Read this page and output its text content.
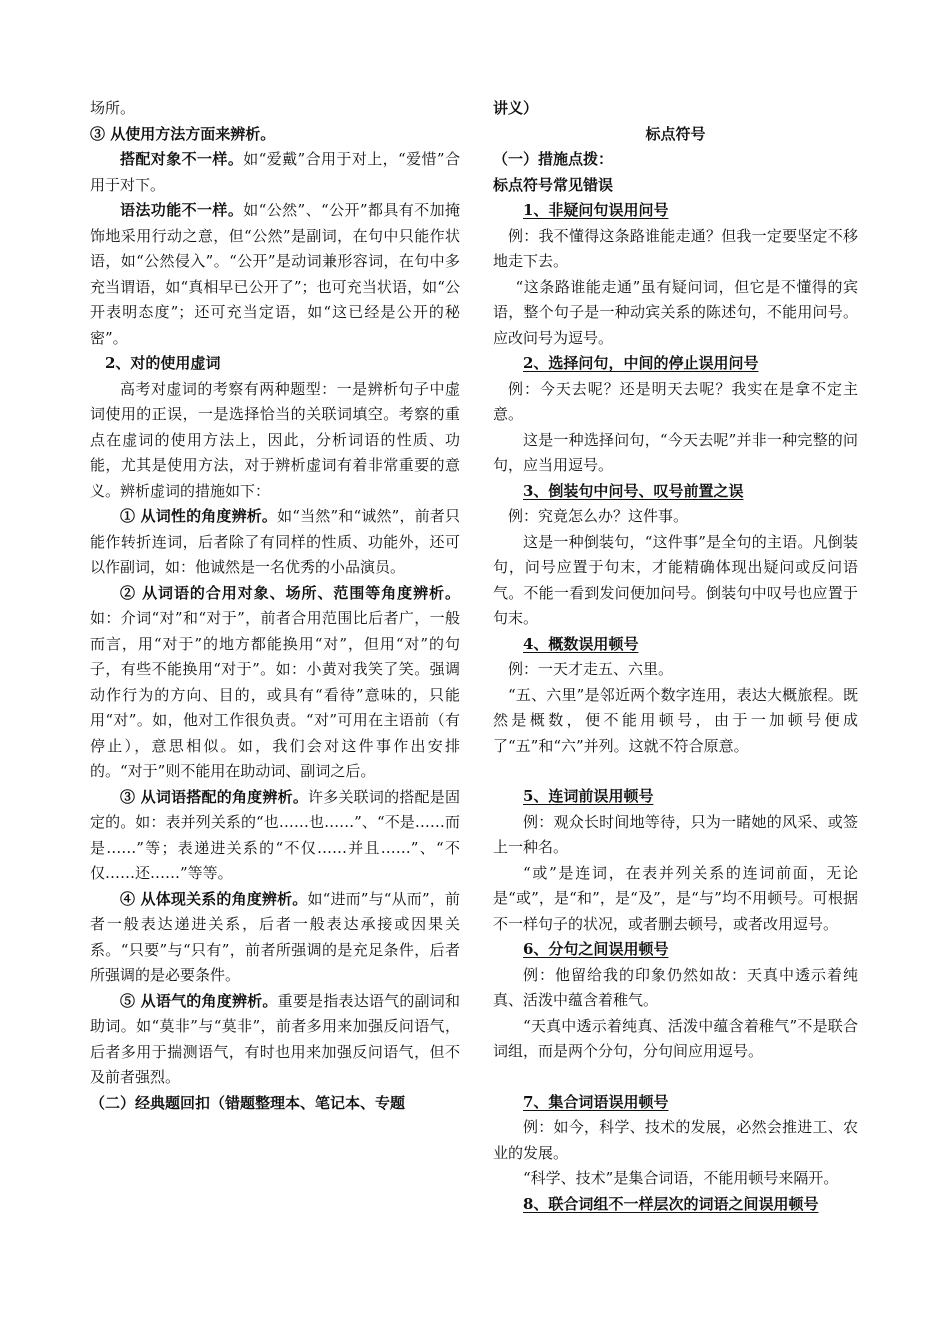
场所。

③ 从使用方法方面来辨析。

搭配对象不一样。如“爱戴”合用于对上，“爱惜”合用于对下。

语法功能不一样。如“公然”、“公开”都具有不加掩饰地采用行动之意，但“公然”是副词，在句中只能作状语，如“公然侵入”。“公开”是动词兼形容词，在句中多充当谓语，如“真相早已公开了”；也可充当状语，如“公开表明态度”；还可充当定语，如“这已经是公开的秘密”。

2、对的使用虚词

高考对虚词的考察有两种题型：一是辨析句子中虚词使用的正误，一是选择恰当的关联词填空。考察的重点在虚词的使用方法上，因此，分析词语的性质、功能，尤其是使用方法，对于辨析虚词有着非常重要的意义。辨析虚词的措施如下：

① 从词性的角度辨析。如“当然”和“诚然”，前者只能作转折连词，后者除了有同样的性质、功能外，还可以作副词，如：他诚然是一名优秀的小品演员。

② 从词语的合用对象、场所、范围等角度辨析。如：介词“对”和“对于”，前者合用范围比后者广，一般而言，用“对于”的地方都能换用“对”，但用“对”的句子，有些不能换用“对于”。如：小黄对我笑了笑。强调动作行为的方向、目的，或具有“看待”意味的，只能用“对”。如，他对工作很负责。“对”可用在主语前（有停止），意思相似。如，我们会对这件事作出安排的。“对于”则不能用在助动词、副词之后。

③ 从词语搭配的角度辨析。许多关联词的搭配是固定的。如：表并列关系的“也……也……”、“不是……而是……”等；表递进关系的“不仅……并且……”、“不仅……还……”等等。

④ 从体现关系的角度辨析。如“进而”与“从而”，前者一般表达递进关系，后者一般表达承接或因果关系。“只要”与“只有”，前者所强调的是充足条件，后者所强调的是必要条件。

⑤ 从语气的角度辨析。重要是指表达语气的副词和助词。如“莫非”与“莫非”，前者多用来加强反问语气，后者多用于揣测语气，有时也用来加强反问语气，但不及前者强烈。

（二）经典题回扣（错题整理本、笔记本、专题

讲义）

标点符号

（一）措施点拨：

标点符号常见错误

1、非疑问句误用问号

例：我不懂得这条路谁能走通？但我一定要坚定不移地走下去。

“这条路谁能走通”虽有疑问词，但它是不懂得的宾语，整个句子是一种动宾关系的陈述句，不能用问号。应改问号为逗号。

2、选择问句，中间的停止误用问号

例：今天去呢？还是明天去呢？我实在是拿不定主意。

这是一种选择问句，“今天去呢”并非一种完整的问句，应当用逗号。

3、倒装句中问号、叹号前置之误

例：究竟怎么办？这件事。

这是一种倒装句，“这件事”是全句的主语。凡倒装句，问号应置于句末，才能精确体现出疑问或反问语气。不能一看到发问便加问号。倒装句中叹号也应置于句末。

4、概数误用顿号

例：一天才走五、六里。

“五、六里”是邻近两个数字连用，表达大概旅程。既然是概数，便不能用顿号，由于一加顿号便成了“五”和“六”并列。这就不符合原意。

5、连词前误用顿号

例：观众长时间地等待，只为一睹她的风采、或签上一种名。

“或”是连词，在表并列关系的连词前面，无论是“或”，是“和”，是“及”，是“与”均不用顿号。可根据不一样句子的状况，或者删去顿号，或者改用逗号。

6、分句之间误用顿号

例：他留给我的印象仍然如故：天真中透示着纯真、活泼中蕴含着稚气。

“天真中透示着纯真、活泼中蕴含着稚气”不是联合词组，而是两个分句，分句间应用逗号。

7、集合词语误用顿号

例：如今，科学、技术的发展，必然会推进工、农业的发展。

“科学、技术”是集合词语，不能用顿号来隔开。

8、联合词组不一样层次的词语之间误用顿号
